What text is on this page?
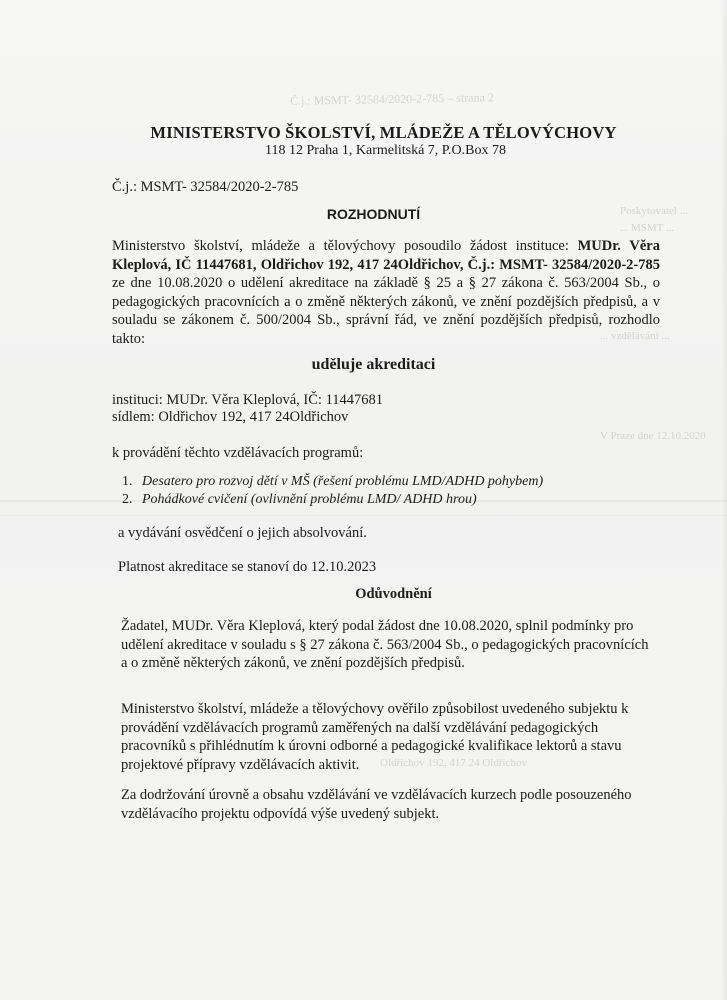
Č.j.: MSMT- 32584/2020-2-785 – strana 2
Poskytovatel ...
... MSMT ...
... vzdělávání ...
V Praze dne 12.10.2020
Oldřichov 192, 417 24 Oldřichov
MINISTERSTVO ŠKOLSTVÍ, MLÁDEŽE A TĚLOVÝCHOVY
118 12 Praha 1, Karmelitská 7, P.O.Box 78
Č.j.: MSMT- 32584/2020-2-785
ROZHODNUTÍ
Ministerstvo školství, mládeže a tělovýchovy posoudilo žádost instituce: MUDr. Věra Kleplová, IČ 11447681, Oldřichov 192, 417 24Oldřichov, Č.j.: MSMT- 32584/2020-2-785 ze dne 10.08.2020 o udělení akreditace na základě § 25 a § 27 zákona č. 563/2004 Sb., o pedagogických pracovnících a o změně některých zákonů, ve znění pozdějších předpisů, a v souladu se zákonem č. 500/2004 Sb., správní řád, ve znění pozdějších předpisů, rozhodlo takto:
uděluje akreditaci
instituci: MUDr. Věra Kleplová, IČ: 11447681
sídlem: Oldřichov 192, 417 24Oldřichov
k provádění těchto vzdělávacích programů:
1. Desatero pro rozvoj dětí v MŠ (řešení problému LMD/ADHD pohybem)
2. Pohádkové cvičení (ovlivnění problému LMD/ ADHD hrou)
a vydávání osvědčení o jejich absolvování.
Platnost akreditace se stanoví do 12.10.2023
Odůvodnění
Žadatel, MUDr. Věra Kleplová, který podal žádost dne 10.08.2020, splnil podmínky pro udělení akreditace v souladu s § 27 zákona č. 563/2004 Sb., o pedagogických pracovnících a o změně některých zákonů, ve znění pozdějších předpisů.
Ministerstvo školství, mládeže a tělovýchovy ověřilo způsobilost uvedeného subjektu k provádění vzdělávacích programů zaměřených na další vzdělávání pedagogických pracovníků s přihlédnutím k úrovni odborné a pedagogické kvalifikace lektorů a stavu projektové přípravy vzdělávacích aktivit.
Za dodržování úrovně a obsahu vzdělávání ve vzdělávacích kurzech podle posouzeného vzdělávacího projektu odpovídá výše uvedený subjekt.
